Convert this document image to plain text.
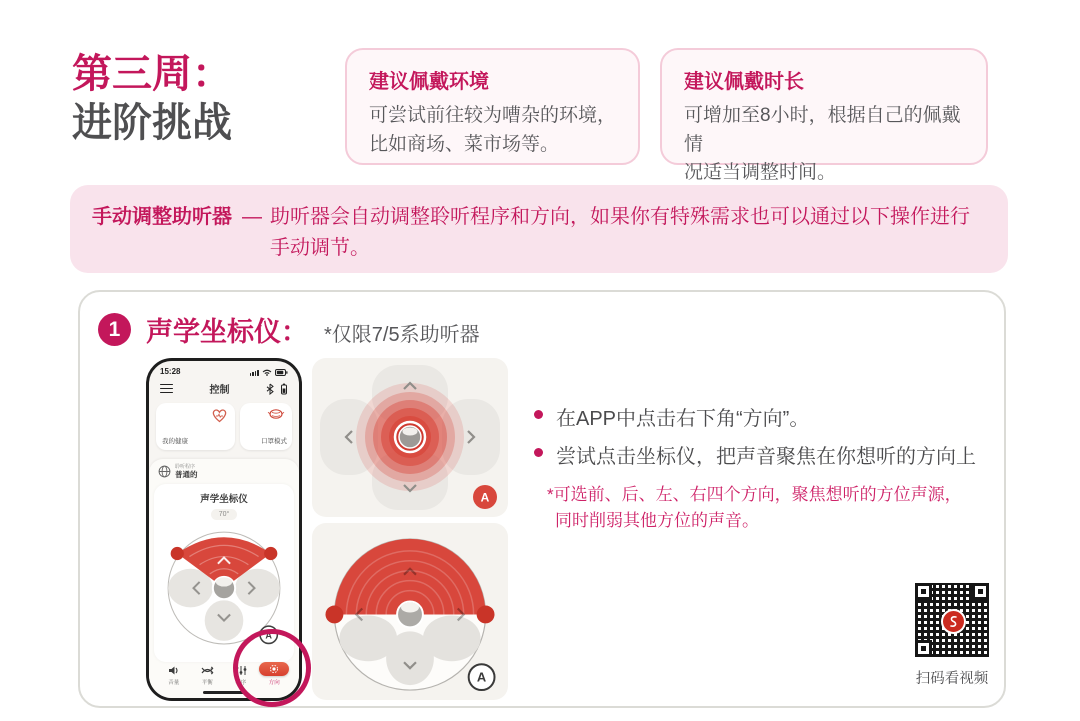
第三周：
进阶挑战
建议佩戴环境
可尝试前往较为嘈杂的环境，
比如商场、菜市场等。
建议佩戴时长
可增加至8小时，根据自己的佩戴情
况适当调整时间。
手动调整助听器 — 助听器会自动调整聆听程序和方向，如果你有特殊需求也可以通过以下操作进行
手动调节。
1 声学坐标仪： *仅限7/5系助听器
15:28
控制
我的健康	口罩模式
聆听程序
普通的
声学坐标仪
70°
A
音量	平衡	程序	方向
A
A
在APP中点击右下角“方向”。
尝试点击坐标仪，把声音聚焦在你想听的方向上
*可选前、后、左、右四个方向，聚焦想听的方位声源，
同时削弱其他方位的声音。
扫码看视频
